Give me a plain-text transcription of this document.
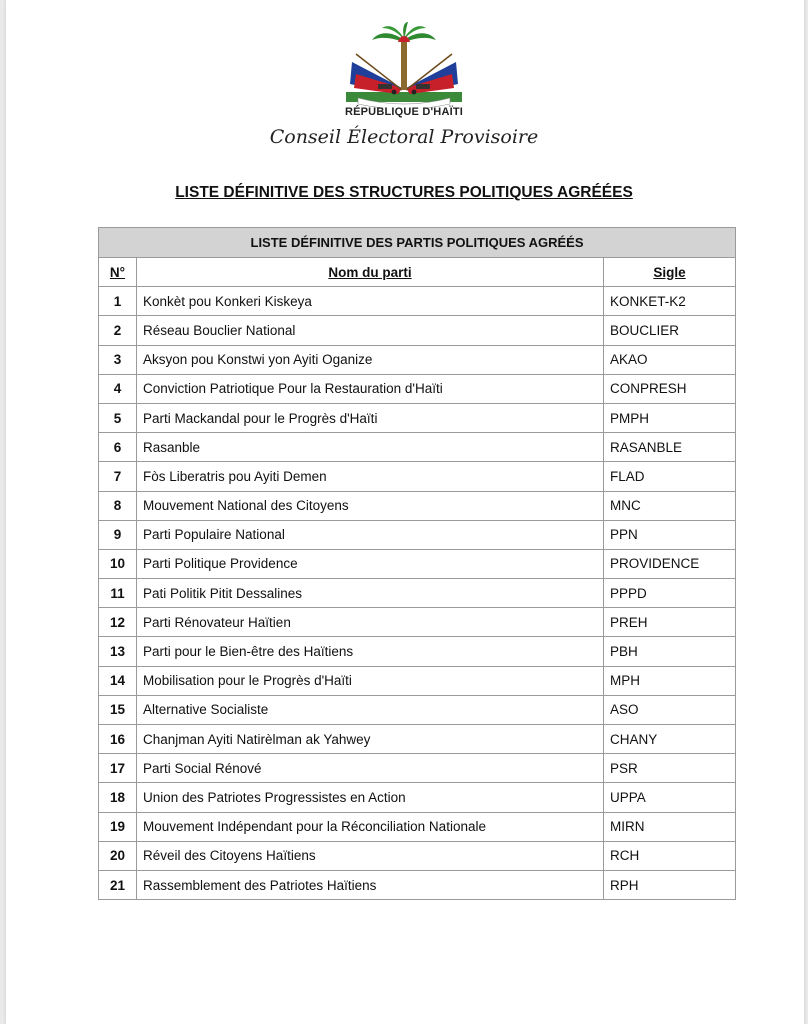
RÉPUBLIQUE D'HAÏTI
Conseil Électoral Provisoire
LISTE DÉFINITIVE DES STRUCTURES POLITIQUES AGRÉÉES
LISTE DÉFINITIVE DES PARTIS POLITIQUES AGRÉÉS		
N°	Nom du parti	Sigle
1	Konkèt pou Konkeri Kiskeya	KONKET-K2
2	Réseau Bouclier National	BOUCLIER
3	Aksyon pou Konstwi yon Ayiti Oganize	AKAO
4	Conviction Patriotique Pour la Restauration d'Haïti	CONPRESH
5	Parti Mackandal pour le Progrès d'Haïti	PMPH
6	Rasanble	RASANBLE
7	Fòs Liberatris pou Ayiti Demen	FLAD
8	Mouvement National des Citoyens	MNC
9	Parti Populaire National	PPN
10	Parti Politique Providence	PROVIDENCE
11	Pati Politik Pitit Dessalines	PPPD
12	Parti Rénovateur Haïtien	PREH
13	Parti pour le Bien-être des Haïtiens	PBH
14	Mobilisation pour le Progrès d'Haïti	MPH
15	Alternative Socialiste	ASO
16	Chanjman Ayiti Natirèlman ak Yahwey	CHANY
17	Parti Social Rénové	PSR
18	Union des Patriotes Progressistes en Action	UPPA
19	Mouvement Indépendant pour la Réconciliation Nationale	MIRN
20	Réveil des Citoyens Haïtiens	RCH
21	Rassemblement des Patriotes Haïtiens	RPH
